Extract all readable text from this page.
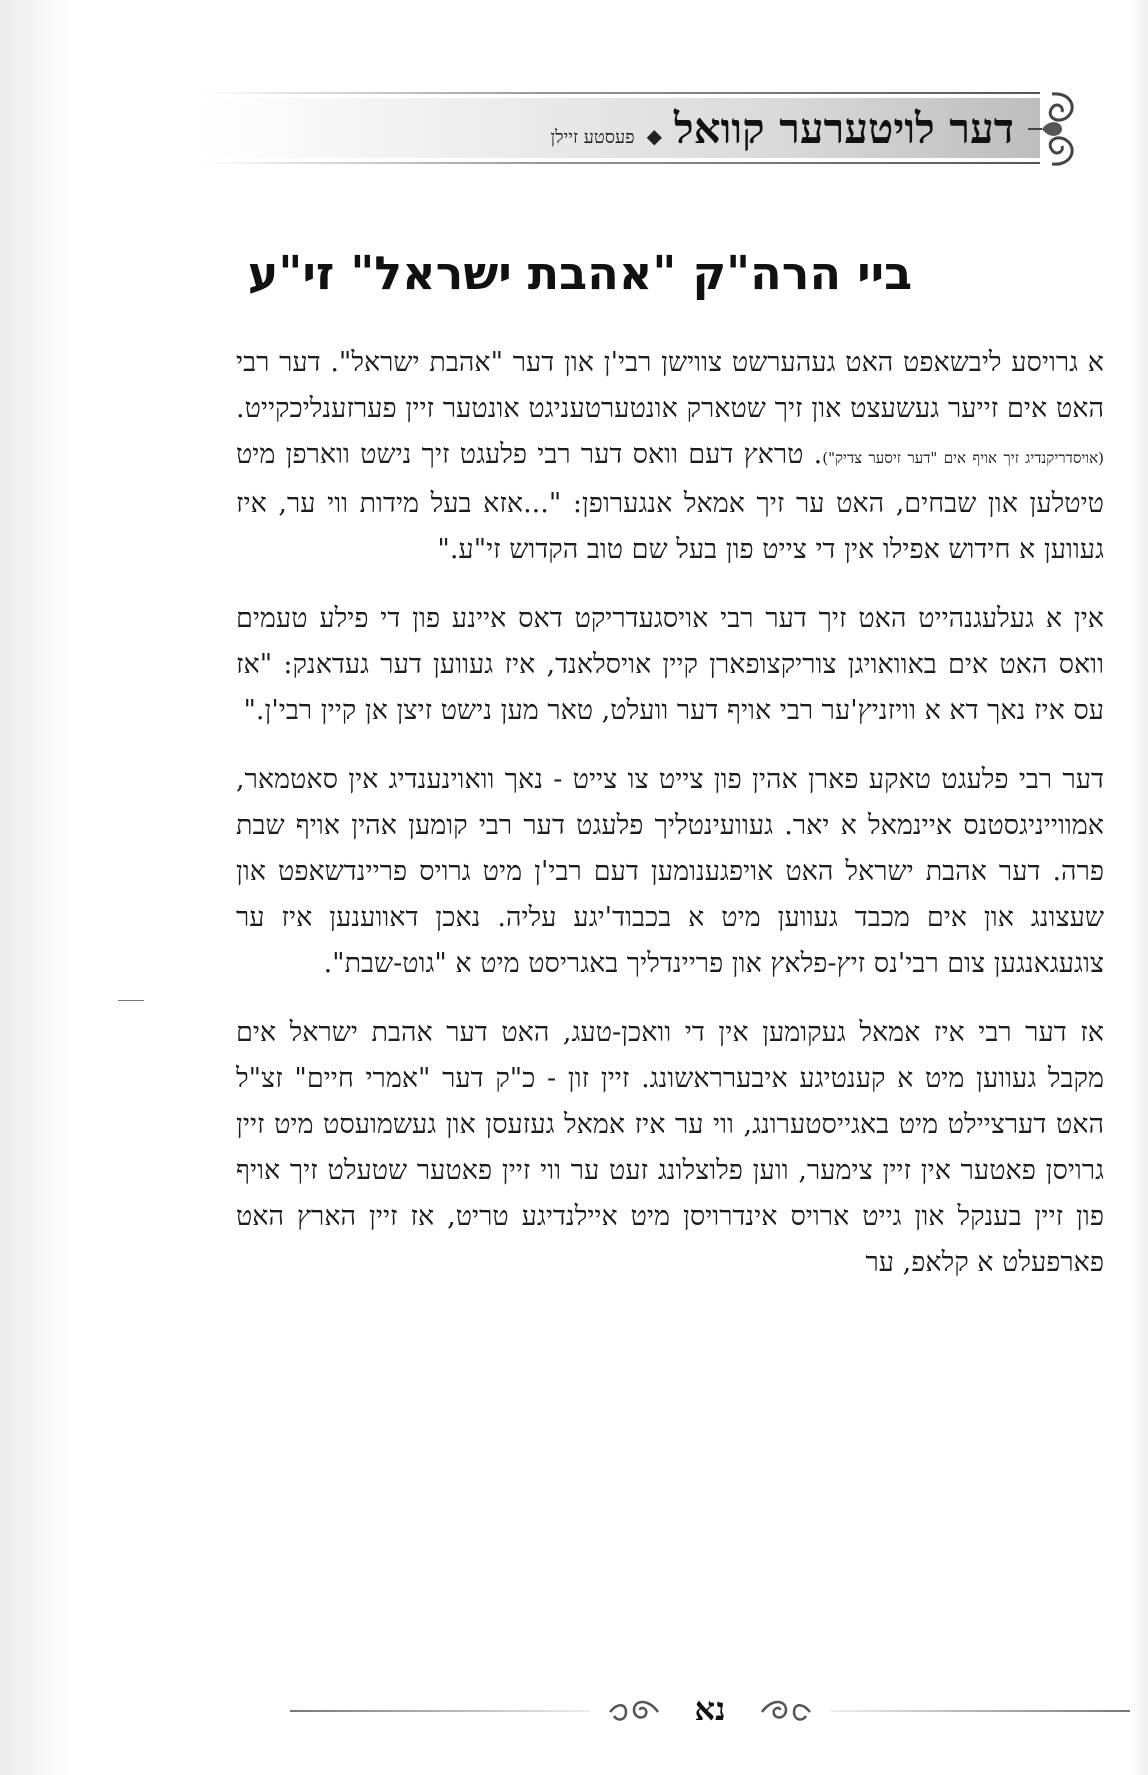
דער לויטערער קוואל
◆
פעסטע זיילן
ביי הרה"ק "אהבת ישראל" זי"ע

א גרויסע ליבשאפט האט געהערשט צווישן רבי'ן און דער "אהבת ישראל". דער רבי האט אים זייער געשעצט און זיך שטארק אונטערטעניגט אונטער זיין פערזענליכקייט. (אויסדריקנדיג זיך אויף אים "דער זיסער צדיק"). טראץ דעם וואס דער רבי פלעגט זיך נישט ווארפן מיט טיטלען און שבחים, האט ער זיך אמאל אנגערופן: "...אזא בעל מידות ווי ער, איז געווען א חידוש אפילו אין די צייט פון בעל שם טוב הקדוש זי"ע."

אין א געלעגנהייט האט זיך דער רבי אויסגעדריקט דאס איינע פון די פילע טעמים וואס האט אים באוואויגן צוריקצופארן קיין אויסלאנד, איז געווען דער געדאנק: "אז עס איז נאך דא א וויזניץ'ער רבי אויף דער וועלט, טאר מען נישט זיצן אן קיין רבי'ן."

דער רבי פלעגט טאקע פארן אהין פון צייט צו צייט - נאך וואוינענדיג אין סאטמאר, אמווייניגסטנס איינמאל א יאר. געוועינטליך פלעגט דער רבי קומען אהין אויף שבת פרה. דער אהבת ישראל האט אויפגענומען דעם רבי'ן מיט גרויס פריינדשאפט און שעצונג און אים מכבד געווען מיט א בכבוד'יגע עליה. נאכן דאווענען איז ער צוגעגאנגען צום רבי'נס זיץ-פלאץ און פריינדליך באגריסט מיט א "גוט-שבת".

אז דער רבי איז אמאל געקומען אין די וואכן-טעג, האט דער אהבת ישראל אים מקבל געווען מיט א קענטיגע איבערראשונג. זיין זון - כ"ק דער "אמרי חיים" זצ"ל האט דערציילט מיט באגייסטערונג, ווי ער איז אמאל געזעסן און געשמועסט מיט זיין גרויסן פאטער אין זיין צימער, ווען פלוצלונג זעט ער ווי זיין פאטער שטעלט זיך אויף פון זיין בענקל און גייט ארויס אינדרויסן מיט איילנדיגע טריט, אז זיין הארץ האט פארפעלט א קלאפ, ער

נא
